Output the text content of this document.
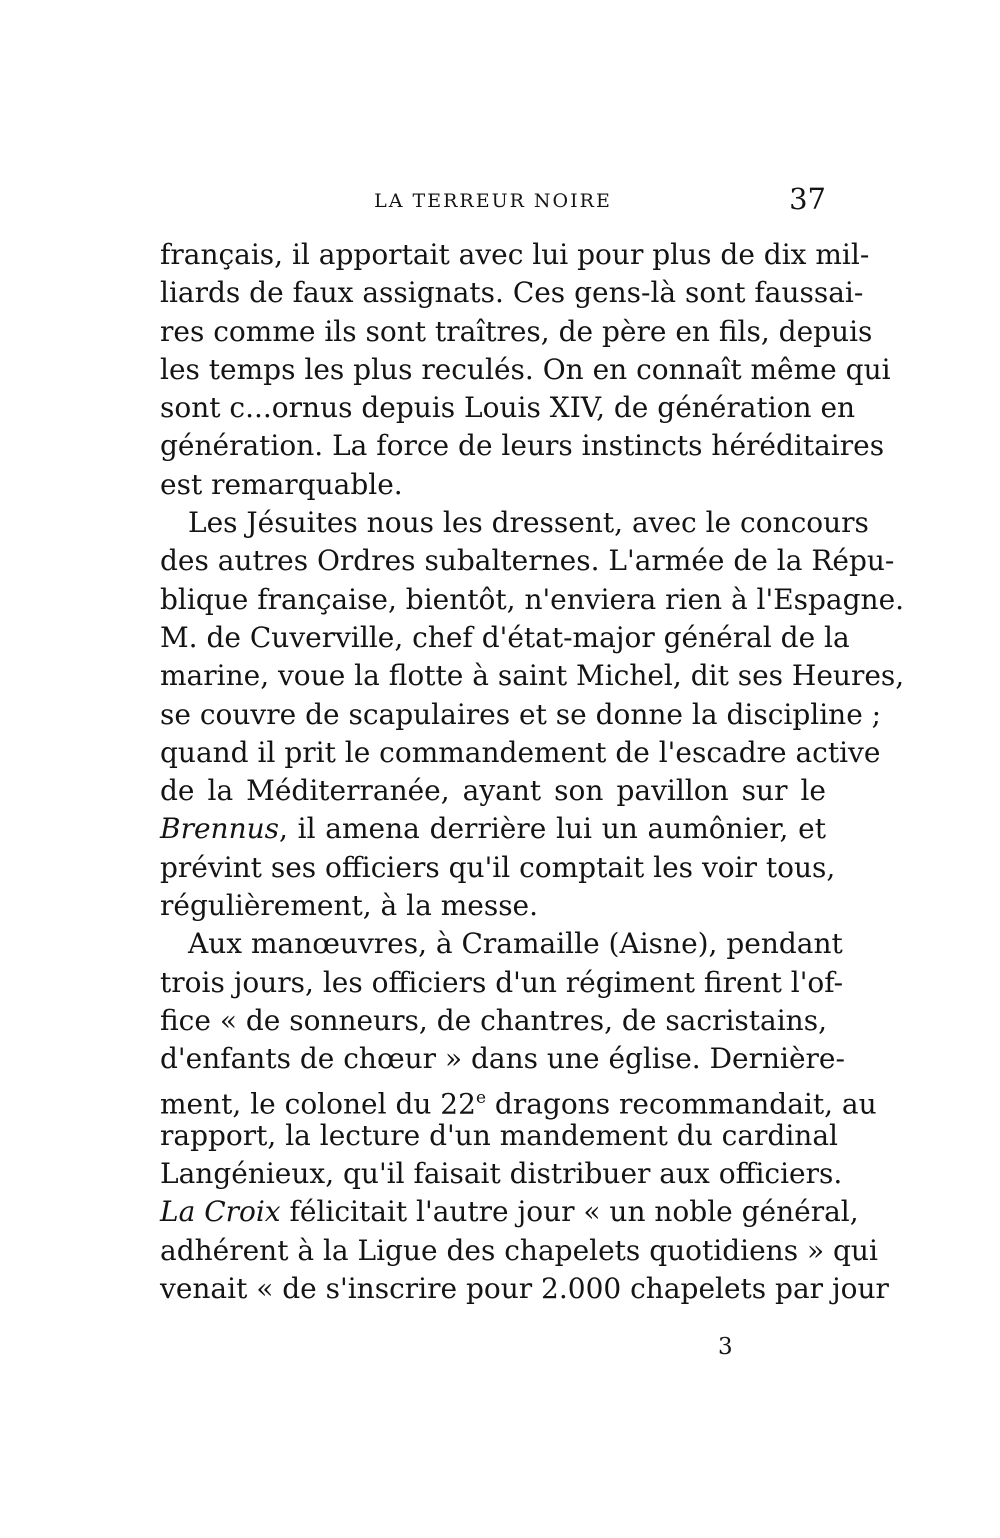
LA TERREUR NOIRE	37
français, il apportait avec lui pour plus de dix mil-
liards de faux assignats. Ces gens-là sont faussai-
res comme ils sont traîtres, de père en fils, depuis
les temps les plus reculés. On en connaît même qui
sont c...ornus depuis Louis XIV, de génération en
génération. La force de leurs instincts héréditaires
est remarquable.
Les Jésuites nous les dressent, avec le concours
des autres Ordres subalternes. L'armée de la Répu-
blique française, bientôt, n'enviera rien à l'Espagne.
M. de Cuverville, chef d'état-major général de la
marine, voue la flotte à saint Michel, dit ses Heures,
se couvre de scapulaires et se donne la discipline ;
quand il prit le commandement de l'escadre active
de la Méditerranée, ayant son pavillon sur le
Brennus, il amena derrière lui un aumônier, et
prévint ses officiers qu'il comptait les voir tous,
régulièrement, à la messe.
Aux manœuvres, à Cramaille (Aisne), pendant
trois jours, les officiers d'un régiment firent l'of-
fice « de sonneurs, de chantres, de sacristains,
d'enfants de chœur » dans une église. Dernière-
ment, le colonel du 22e dragons recommandait, au
rapport, la lecture d'un mandement du cardinal
Langénieux, qu'il faisait distribuer aux officiers.
La Croix félicitait l'autre jour « un noble général,
adhérent à la Ligue des chapelets quotidiens » qui
venait « de s'inscrire pour 2.000 chapelets par jour
3
